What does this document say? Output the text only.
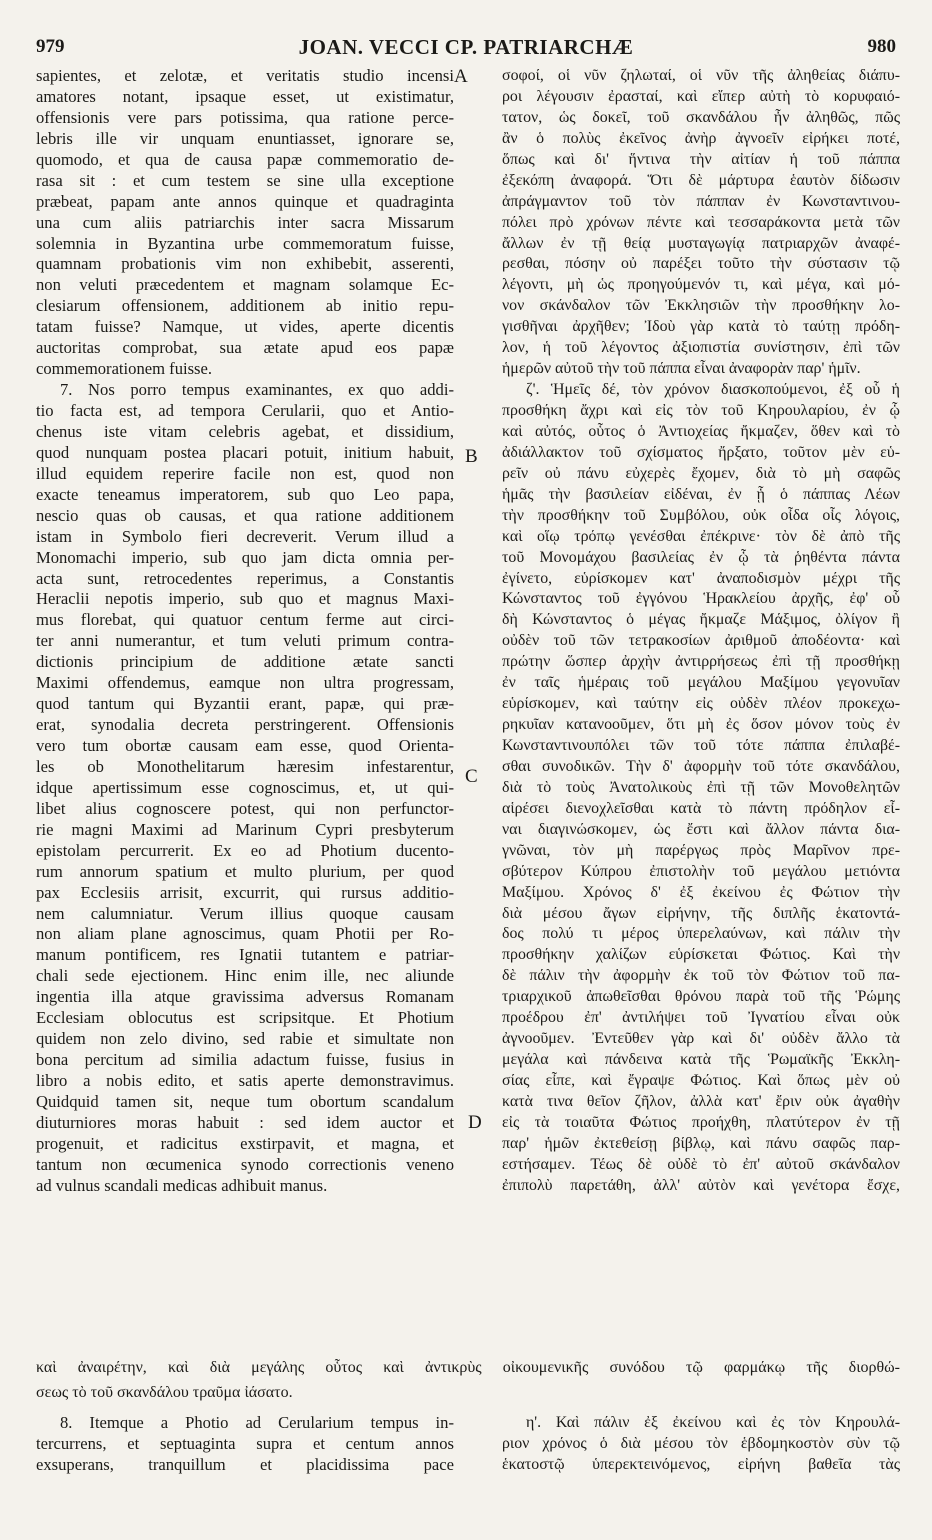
979	JOAN. VECCI CP. PATRIARCHÆ	980
sapientes, et zelotæ, et veritatis studio incensi
amatores notant, ipsaque esset, ut existimatur,
offensionis vere pars potissima, qua ratione perce-
lebris ille vir unquam enuntiasset, ignorare se,
quomodo, et qua de causa papæ commemoratio de-
rasa sit : et cum testem se sine ulla exceptione
præbeat, papam ante annos quinque et quadraginta
una cum aliis patriarchis inter sacra Missarum
solemnia in Byzantina urbe commemoratum fuisse,
quamnam probationis vim non exhibebit, asserenti,
non veluti præcedentem et magnam solamque Ec-
clesiarum offensionem, additionem ab initio repu-
tatam fuisse? Namque, ut vides, aperte dicentis
auctoritas comprobat, sua ætate apud eos papæ
commemorationem fuisse.
7. Nos porro tempus examinantes, ex quo addi-
tio facta est, ad tempora Cerularii, quo et Antio-
chenus iste vitam celebris agebat, et dissidium,
quod nunquam postea placari potuit, initium habuit,
illud equidem reperire facile non est, quod non
exacte teneamus imperatorem, sub quo Leo papa,
nescio quas ob causas, et qua ratione additionem
istam in Symbolo fieri decreverit. Verum illud a
Monomachi imperio, sub quo jam dicta omnia per-
acta sunt, retrocedentes reperimus, a Constantis
Heraclii nepotis imperio, sub quo et magnus Maxi-
mus florebat, qui quatuor centum ferme aut circi-
ter anni numerantur, et tum veluti primum contra-
dictionis principium de additione ætate sancti
Maximi offendemus, eamque non ultra progressam,
quod tantum qui Byzantii erant, papæ, qui præ-
erat, synodalia decreta perstringerent. Offensionis
vero tum obortæ causam eam esse, quod Orienta-
les ob Monothelitarum hæresim infestarentur,
idque apertissimum esse cognoscimus, et, ut qui-
libet alius cognoscere potest, qui non perfunctor-
rie magni Maximi ad Marinum Cypri presbyterum
epistolam percurrerit. Ex eo ad Photium ducento-
rum annorum spatium et multo plurium, per quod
pax Ecclesiis arrisit, excurrit, qui rursus additio-
nem calumniatur. Verum illius quoque causam
non aliam plane agnoscimus, quam Photii per Ro-
manum pontificem, res Ignatii tutantem e patriar-
chali sede ejectionem. Hinc enim ille, nec aliunde
ingentia illa atque gravissima adversus Romanam
Ecclesiam oblocutus est scripsitque. Et Photium
quidem non zelo divino, sed rabie et simultate non
bona percitum ad similia adactum fuisse, fusius in
libro a nobis edito, et satis aperte demonstravimus.
Quidquid tamen sit, neque tum obortum scandalum
diuturniores moras habuit : sed idem auctor et
progenuit, et radicitus exstirpavit, et magna, et
tantum non œcumenica synodo correctionis veneno
ad vulnus scandali medicas adhibuit manus.
σοφοί, οἱ νῦν ζηλωταί, οἱ νῦν τῆς ἀληθείας διάπυ-
ροι λέγουσιν ἐρασταί, καὶ εἴπερ αὐτὴ τὸ κορυφαιό-
τατον, ὡς δοκεῖ, τοῦ σκανδάλου ἦν ἀληθῶς, πῶς
ἂν ὁ πολὺς ἐκεῖνος ἀνὴρ ἀγνοεῖν εἰρήκει ποτέ,
ὅπως καὶ δι' ἥντινα τὴν αἰτίαν ἡ τοῦ πάππα
ἐξεκόπη ἀναφορά. Ὅτι δὲ μάρτυρα ἑαυτὸν δίδωσιν
ἀπράγμαντον τοῦ τὸν πάππαν ἐν Κωνσταντινου-
πόλει πρὸ χρόνων πέντε καὶ τεσσαράκοντα μετὰ τῶν
ἄλλων ἐν τῇ θείᾳ μυσταγωγίᾳ πατριαρχῶν ἀναφέ-
ρεσθαι, πόσην οὐ παρέξει τοῦτο τὴν σύστασιν τῷ
λέγοντι, μὴ ὡς προηγούμενόν τι, καὶ μέγα, καὶ μό-
νον σκάνδαλον τῶν Ἐκκλησιῶν τὴν προσθήκην λο-
γισθῆναι ἀρχῆθεν; Ἰδοὺ γὰρ κατὰ τὸ ταύτῃ πρόδη-
λον, ἡ τοῦ λέγοντος ἀξιοπιστία συνίστησιν, ἐπὶ τῶν
ἡμερῶν αὐτοῦ τὴν τοῦ πάππα εἶναι ἀναφορὰν παρ' ἡμῖν.
ζ'. Ἡμεῖς δέ, τὸν χρόνον διασκοπούμενοι, ἐξ οὗ ἡ
προσθήκη ἄχρι καὶ εἰς τὸν τοῦ Κηρουλαρίου, ἐν ᾧ
καὶ αὐτός, οὗτος ὁ Ἀντιοχείας ἤκμαζεν, ὅθεν καὶ τὸ
ἀδιάλλακτον τοῦ σχίσματος ἤρξατο, τοῦτον μὲν εὑ-
ρεῖν οὐ πάνυ εὐχερὲς ἔχομεν, διὰ τὸ μὴ σαφῶς
ἡμᾶς τὴν βασιλείαν εἰδέναι, ἐν ᾗ ὁ πάππας Λέων
τὴν προσθήκην τοῦ Συμβόλου, οὐκ οἶδα οἷς λόγοις,
καὶ οἵῳ τρόπῳ γενέσθαι ἐπέκρινε· τὸν δὲ ἀπὸ τῆς
τοῦ Μονομάχου βασιλείας ἐν ᾧ τὰ ῥηθέντα πάντα
ἐγίνετο, εὑρίσκομεν κατ' ἀναποδισμὸν μέχρι τῆς
Κώνσταντος τοῦ ἐγγόνου Ἡρακλείου ἀρχῆς, ἐφ' οὗ
δὴ Κώνσταντος ὁ μέγας ἤκμαζε Μάξιμος, ὀλίγον ἢ
οὐδὲν τοῦ τῶν τετρακοσίων ἀριθμοῦ ἀποδέοντα· καὶ
πρώτην ὥσπερ ἀρχὴν ἀντιρρήσεως ἐπὶ τῇ προσθήκῃ
ἐν ταῖς ἡμέραις τοῦ μεγάλου Μαξίμου γεγονυῖαν
εὑρίσκομεν, καὶ ταύτην εἰς οὐδὲν πλέον προκεχω-
ρηκυῖαν κατανοοῦμεν, ὅτι μὴ ἐς ὅσον μόνον τοὺς ἐν
Κωνσταντινουπόλει τῶν τοῦ τότε πάππα ἐπιλαβέ-
σθαι συνοδικῶν. Τὴν δ' ἀφορμὴν τοῦ τότε σκανδάλου,
διὰ τὸ τοὺς Ἀνατολικοὺς ἐπὶ τῇ τῶν Μονοθελητῶν
αἱρέσει διενοχλεῖσθαι κατὰ τὸ πάντη πρόδηλον εἶ-
ναι διαγινώσκομεν, ὡς ἔστι καὶ ἄλλον πάντα δια-
γνῶναι, τὸν μὴ παρέργως πρὸς Μαρῖνον πρε-
σβύτερον Κύπρου ἐπιστολὴν τοῦ μεγάλου μετιόντα
Μαξίμου. Χρόνος δ' ἐξ ἐκείνου ἐς Φώτιον τὴν
διὰ μέσου ἄγων εἰρήνην, τῆς διπλῆς ἑκατοντά-
δος πολύ τι μέρος ὑπερελαύνων, καὶ πάλιν τὴν
προσθήκην χαλίζων εὑρίσκεται Φώτιος. Καὶ τὴν
δὲ πάλιν τὴν ἀφορμὴν ἐκ τοῦ τὸν Φώτιον τοῦ πα-
τριαρχικοῦ ἀπωθεῖσθαι θρόνου παρὰ τοῦ τῆς Ῥώμης
προέδρου ἐπ' ἀντιλήψει τοῦ Ἰγνατίου εἶναι οὐκ
ἀγνοοῦμεν. Ἐντεῦθεν γὰρ καὶ δι' οὐδὲν ἄλλο τὰ
μεγάλα καὶ πάνδεινα κατὰ τῆς Ῥωμαϊκῆς Ἐκκλη-
σίας εἶπε, καὶ ἔγραψε Φώτιος. Καὶ ὅπως μὲν οὐ
κατὰ τινα θεῖον ζῆλον, ἀλλὰ κατ' ἔριν οὐκ ἀγαθὴν
εἰς τὰ τοιαῦτα Φώτιος προήχθη, πλατύτερον ἐν τῇ
παρ' ἡμῶν ἐκτεθείσῃ βίβλῳ, καὶ πάνυ σαφῶς παρ-
εστήσαμεν. Τέως δὲ οὐδὲ τὸ ἐπ' αὐτοῦ σκάνδαλον
ἐπιπολὺ παρετάθη, ἀλλ' αὐτὸν καὶ γενέτορα ἔσχε,
A
B
C
D
καὶ ἀναιρέτην, καὶ διὰ μεγάλης οὗτος καὶ ἀντικρὺς οἰκουμενικῆς συνόδου τῷ φαρμάκῳ τῆς διορθώ-
σεως τὸ τοῦ σκανδάλου τραῦμα ἰάσατο.
8. Itemque a Photio ad Cerularium tempus in-
tercurrens, et septuaginta supra et centum annos
exsuperans, tranquillum et placidissima pace
η'. Καὶ πάλιν ἐξ ἐκείνου καὶ ἐς τὸν Κηρουλά-
ριον χρόνος ὁ διὰ μέσου τὸν ἑβδομηκοστὸν σὺν τῷ
ἑκατοστῷ ὑπερεκτεινόμενος, εἰρήνη βαθεῖα τὰς
